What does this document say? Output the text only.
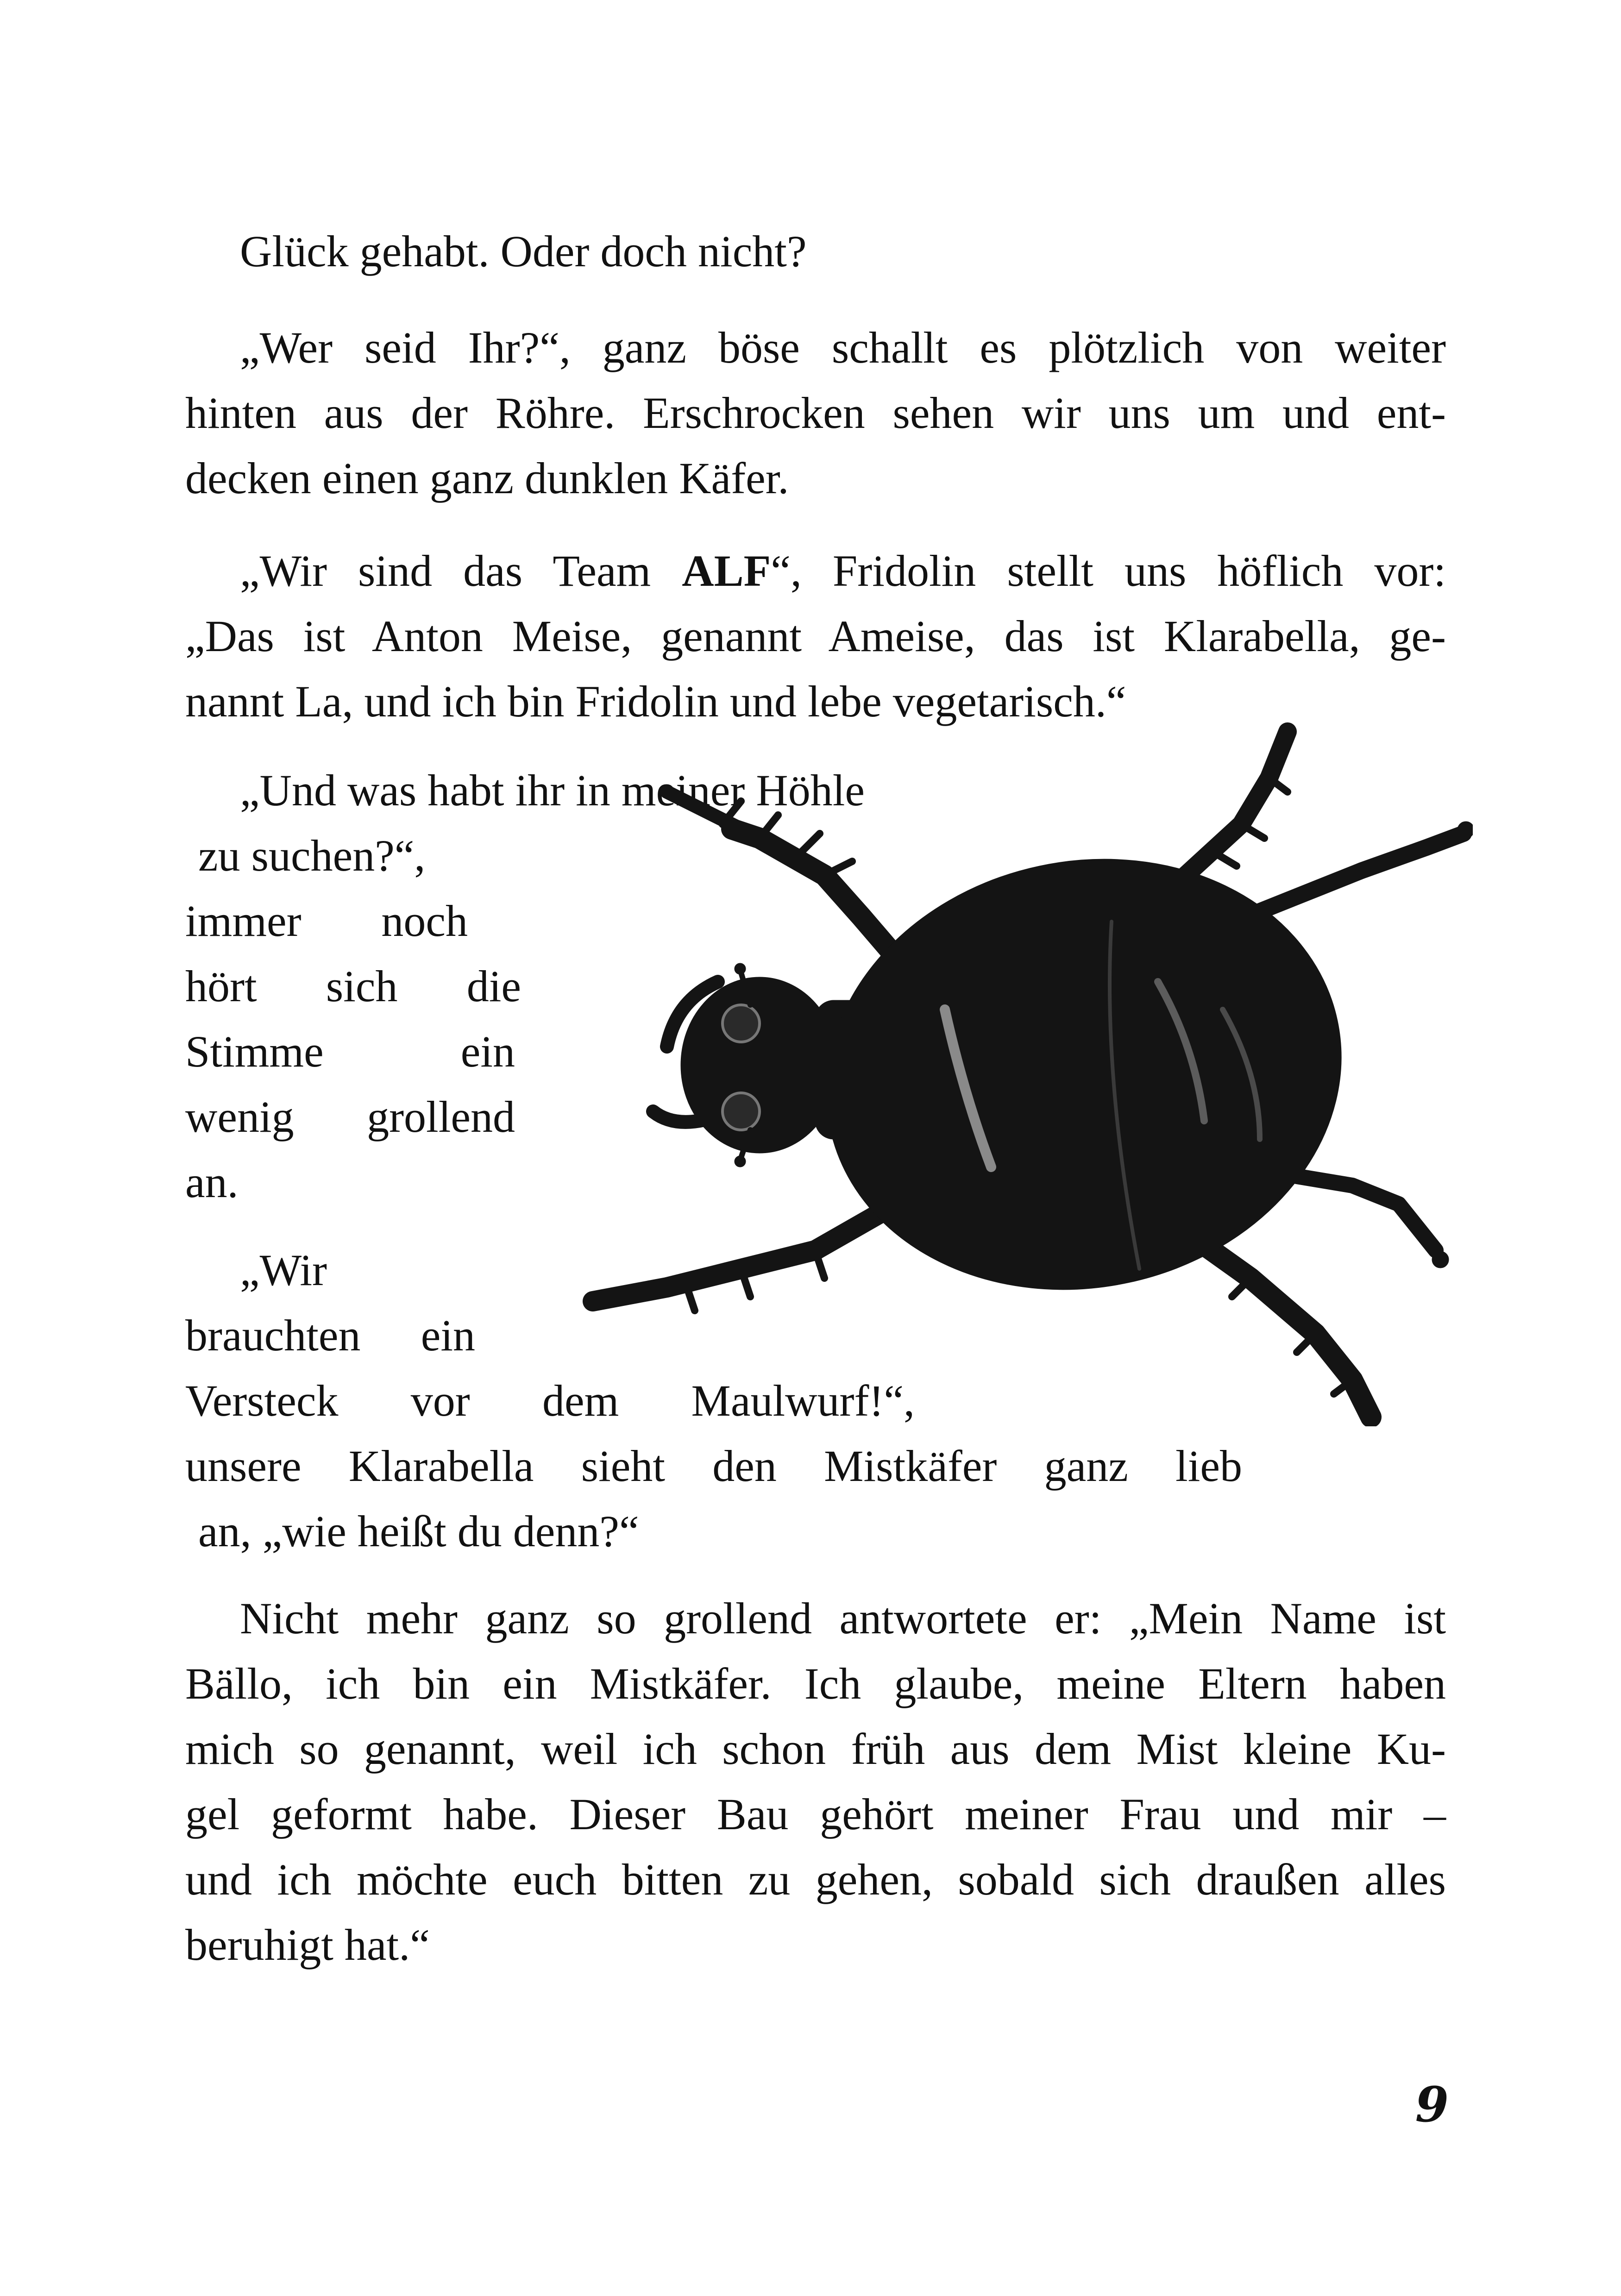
Glück gehabt. Oder doch nicht?
„Wer seid Ihr?“, ganz böse schallt es plötzlich von weiter
hinten aus der Röhre. Erschrocken sehen wir uns um und ent-
decken einen ganz dunklen Käfer.
„Wir sind das Team ALF“, Fridolin stellt uns höflich vor:
„Das ist Anton Meise, genannt Ameise, das ist Klarabella, ge-
nannt La, und ich bin Fridolin und lebe vegetarisch.“
„Und was habt ihr in meiner Höhle
zu suchen?“,
immer noch
hört sich die
Stimme ein
wenig grollend
an.
„Wir
brauchten ein
Versteck vor dem Maulwurf!“,
unsere Klarabella sieht den Mistkäfer ganz lieb
an, „wie heißt du denn?“
Nicht mehr ganz so grollend antwortete er: „Mein Name ist
Bällo, ich bin ein Mistkäfer. Ich glaube, meine Eltern haben
mich so genannt, weil ich schon früh aus dem Mist kleine Ku-
gel geformt habe. Dieser Bau gehört meiner Frau und mir –
und ich möchte euch bitten zu gehen, sobald sich draußen alles
beruhigt hat.“
9
